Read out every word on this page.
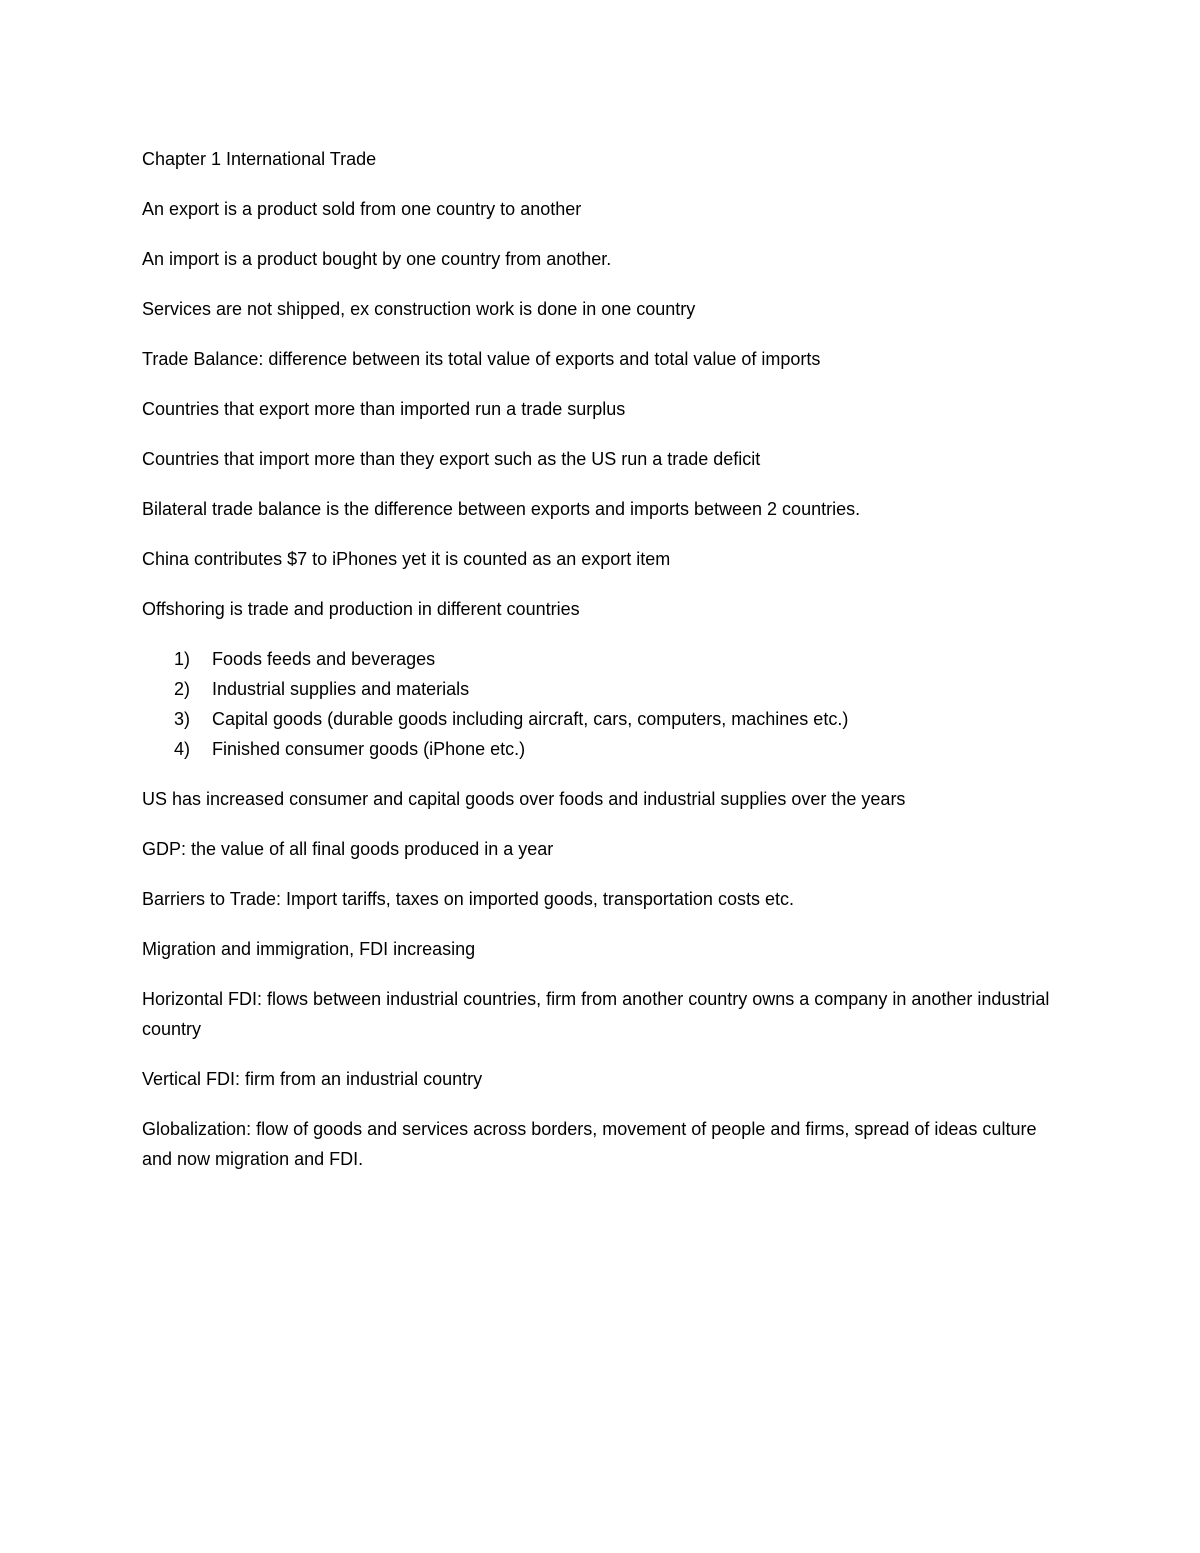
Chapter 1 International Trade

An export is a product sold from one country to another

An import is a product bought by one country from another.

Services are not shipped, ex construction work is done in one country

Trade Balance: difference between its total value of exports and total value of imports

Countries that export more than imported run a trade surplus

Countries that import more than they export such as the US run a trade deficit

Bilateral trade balance is the difference between exports and imports between 2 countries.

China contributes $7 to iPhones yet it is counted as an export item

Offshoring is trade and production in different countries

1) Foods feeds and beverages
2) Industrial supplies and materials
3) Capital goods (durable goods including aircraft, cars, computers, machines etc.)
4) Finished consumer goods (iPhone etc.)

US has increased consumer and capital goods over foods and industrial supplies over the years

GDP: the value of all final goods produced in a year

Barriers to Trade: Import tariffs, taxes on imported goods, transportation costs etc.

Migration and immigration, FDI increasing

Horizontal FDI: flows between industrial countries, firm from another country owns a company in another industrial country

Vertical FDI: firm from an industrial country

Globalization: flow of goods and services across borders, movement of people and firms, spread of ideas culture and now migration and FDI.
